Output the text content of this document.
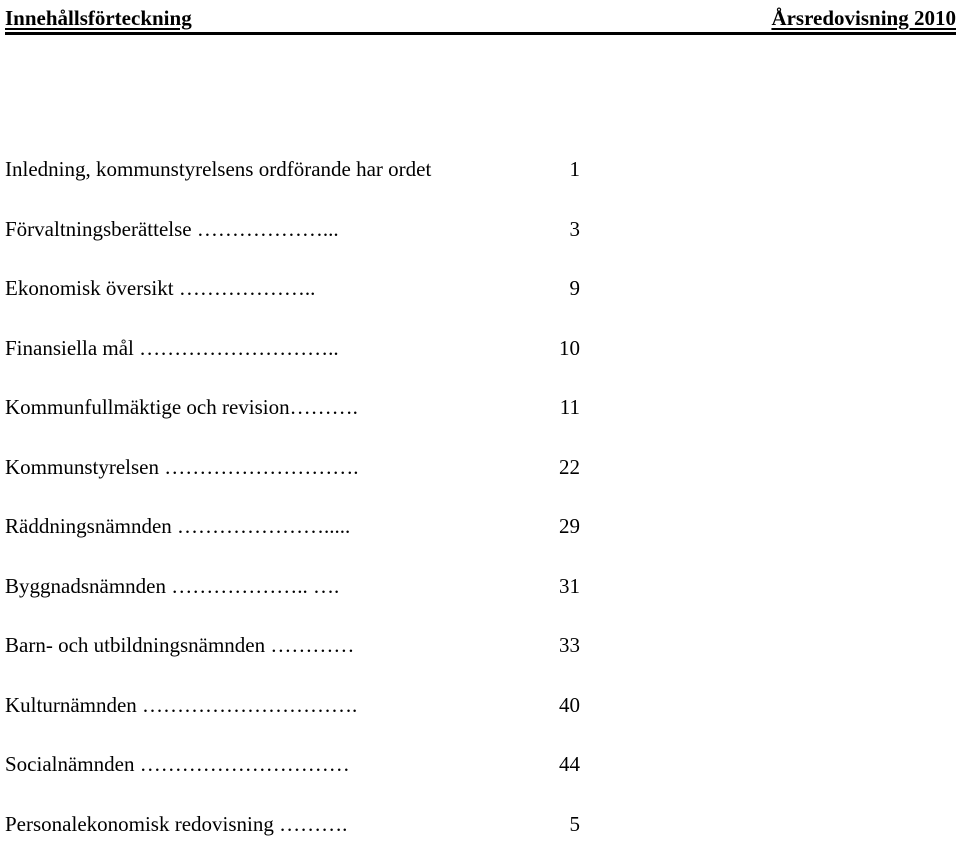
Innehållsförteckning	Årsredovisning 2010
Inledning, kommunstyrelsens ordförande har ordet	1
Förvaltningsberättelse ………………...	3
Ekonomisk översikt ………………..	9
Finansiella mål ………………………..	10
Kommunfullmäktige och revision……….	11
Kommunstyrelsen ……………………….	22
Räddningsnämnden ………………….....	29
Byggnadsnämnden ……………….. ….	31
Barn- och utbildningsnämnden …………	33
Kulturnämnden ………………………….	40
Socialnämnden …………………………	44
Personalekonomisk redovisning ……….	5
